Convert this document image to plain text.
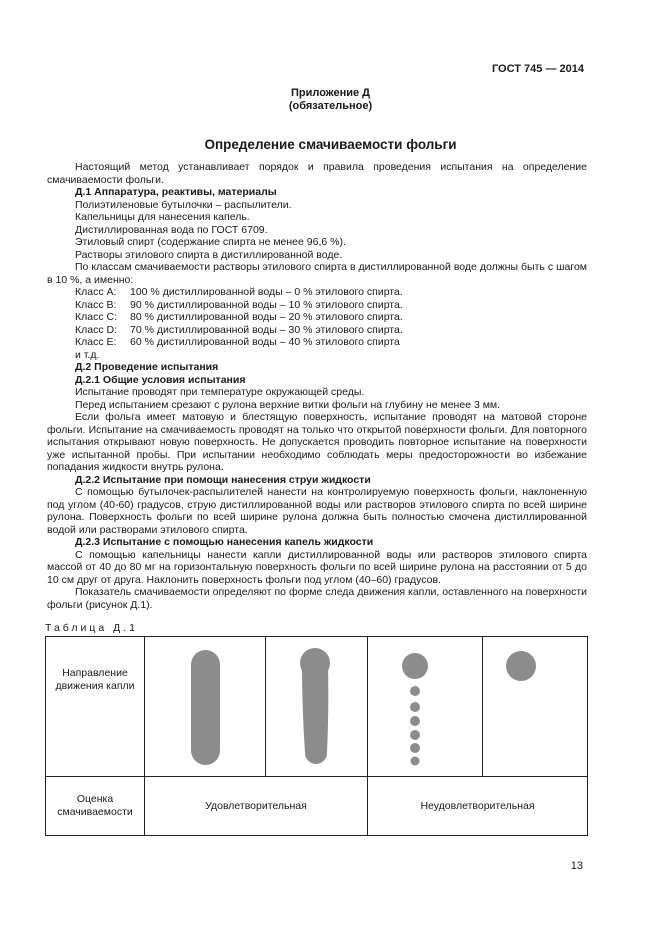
ГОСТ 745 — 2014
Приложение Д
(обязательное)
Определение смачиваемости фольги

Настоящий метод устанавливает порядок и правила проведения испытания на определение смачиваемости фольги.

Д.1 Аппаратура, реактивы, материалы

Полиэтиленовые бутылочки – распылители.

Капельницы для нанесения капель.

Дистиллированная вода по ГОСТ 6709.

Этиловый спирт (содержание спирта не менее 96,6 %).

Растворы этилового спирта в дистиллированной воде.

По классам смачиваемости растворы этилового спирта в дистиллированной воде должны быть с шагом в 10 %, а именно:

Класс А:	100 % дистиллированной воды – 0 % этилового спирта.
Класс В:	90 % дистиллированной воды – 10 % этилового спирта.
Класс С:	80 % дистиллированной воды – 20 % этилового спирта.
Класс D:	70 % дистиллированной воды – 30 % этилового спирта.
Класс Е:	60 % дистиллированной воды – 40 % этилового спирта

и т.д.

Д.2 Проведение испытания

Д.2.1 Общие условия испытания

Испытание проводят при температуре окружающей среды.

Перед испытанием срезают с рулона верхние витки фольги на глубину не менее 3 мм.

Если фольга имеет матовую и блестящую поверхность, испытание проводят на матовой стороне фольги. Испытание на смачиваемость проводят на только что открытой поверхности фольги. Для повторного испытания открывают новую поверхность. Не допускается проводить повторное испытание на поверхности уже испытанной пробы. При испытании необходимо соблюдать меры предосторожности во избежание попадания жидкости внутрь рулона.

Д.2.2 Испытание при помощи нанесения струи жидкости

С помощью бутылочек-распылителей нанести на контролируемую поверхность фольги, наклоненную под углом (40-60) градусов, струю дистиллированной воды или растворов этилового спирта по всей ширине рулона. Поверхность фольги по всей ширине рулона должна быть полностью смочена дистиллированной водой или растворами этилового спирта.

Д.2.3 Испытание с помощью нанесения капель жидкости

С помощью капельницы нанести капли дистиллированной воды или растворов этилового спирта массой от 40 до 80 мг на горизонтальную поверхность фольги по всей ширине рулона на расстоянии от 5 до 10 см друг от друга. Наклонить поверхность фольги под углом (40–60) градусов.

Показатель смачиваемости определяют по форме следа движения капли, оставленного на поверхности фольги (рисунок Д.1).

Таблица Д.1
Направление движения капли	

Оценка смачиваемости	Удовлетворительная		Неудовлетворительная	
13
